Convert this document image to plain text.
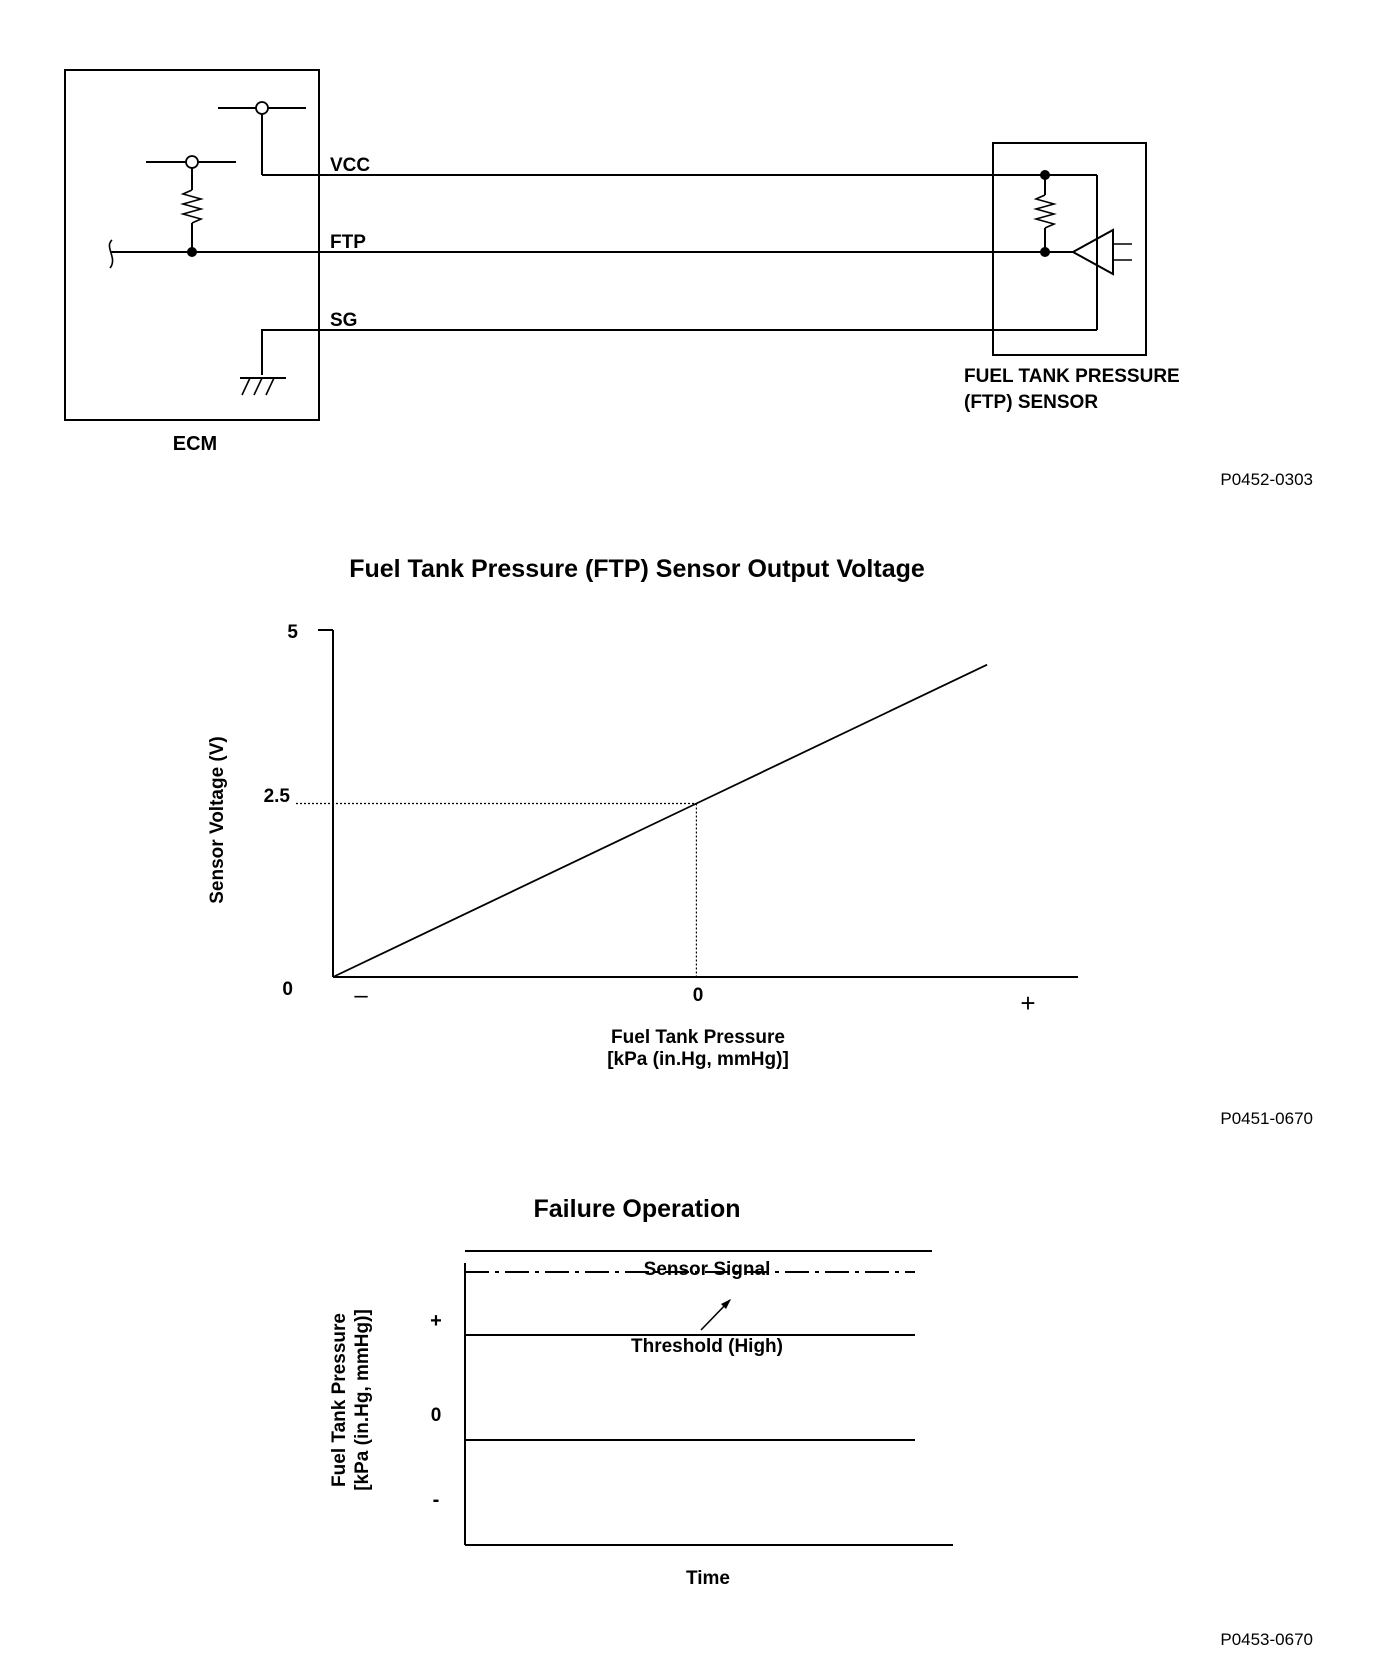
ECM
VCC
FTP
SG
FUEL TANK PRESSURE
(FTP) SENSOR
P0452-0303
Fuel Tank Pressure (FTP) Sensor Output Voltage
5
2.5
0	–	0	+
Sensor Voltage (V)
Fuel Tank Pressure
[kPa (in.Hg, mmHg)]
P0451-0670
Failure Operation
Sensor Signal
Threshold (High)
+
0
-
Fuel Tank Pressure [kPa (in.Hg, mmHg)]
Time
P0453-0670
